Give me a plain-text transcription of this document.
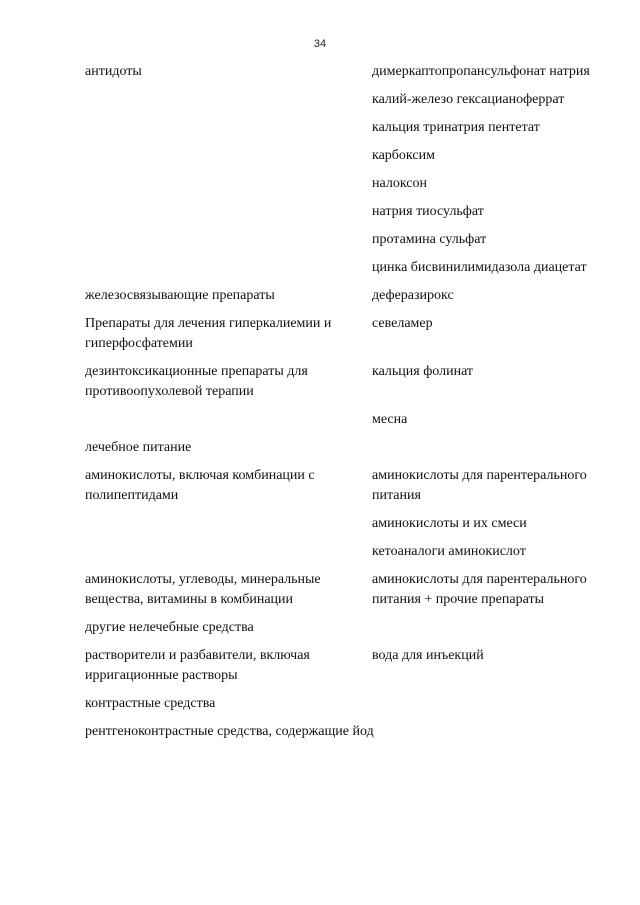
34
антидоты	димеркаптопропансульфонат натрия
калий-железо гексацианоферрат
кальция тринатрия пентетат
карбоксим
налоксон
натрия тиосульфат
протамина сульфат
цинка бисвинилимидазола диацетат
железосвязывающие препараты	деферазирокс
Препараты для лечения гиперкалиемии и гиперфосфатемии
севеламер
дезинтоксикационные препараты для противоопухолевой терапии
кальция фолинат
месна
лечебное питание
аминокислоты, включая комбинации с полипептидами
аминокислоты для парентерального питания
аминокислоты и их смеси
кетоаналоги аминокислот
аминокислоты, углеводы, минеральные вещества, витамины в комбинации
аминокислоты для парентерального питания + прочие препараты
другие нелечебные средства
растворители и разбавители, включая ирригационные растворы
вода для инъекций
контрастные средства
рентгеноконтрастные средства, содержащие йод
